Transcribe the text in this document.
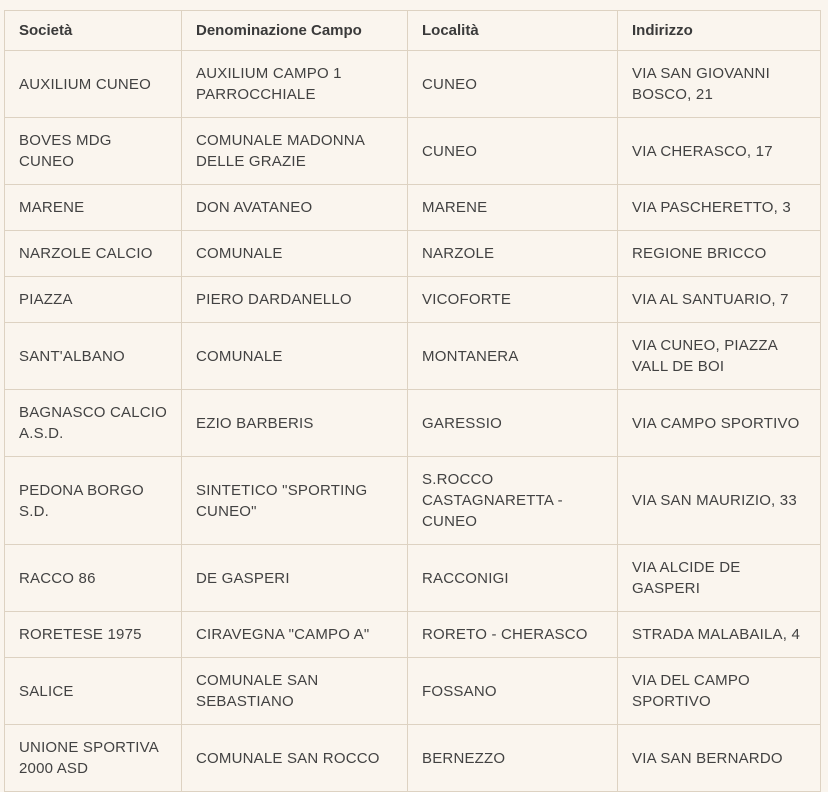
Società	Denominazione Campo	Località	Indirizzo
AUXILIUM CUNEO	AUXILIUM CAMPO 1 PARROCCHIALE	CUNEO	VIA SAN GIOVANNI BOSCO, 21
BOVES MDG CUNEO	COMUNALE MADONNA DELLE GRAZIE	CUNEO	VIA CHERASCO, 17
MARENE	DON AVATANEO	MARENE	VIA PASCHERETTO, 3
NARZOLE CALCIO	COMUNALE	NARZOLE	REGIONE BRICCO
PIAZZA	PIERO DARDANELLO	VICOFORTE	VIA AL SANTUARIO, 7
SANT'ALBANO	COMUNALE	MONTANERA	VIA CUNEO, PIAZZA VALL DE BOI
BAGNASCO CALCIO A.S.D.	EZIO BARBERIS	GARESSIO	VIA CAMPO SPORTIVO
PEDONA BORGO S.D.	SINTETICO "SPORTING CUNEO"	S.ROCCO CASTAGNARETTA - CUNEO	VIA SAN MAURIZIO, 33
RACCO 86	DE GASPERI	RACCONIGI	VIA ALCIDE DE GASPERI
RORETESE 1975	CIRAVEGNA "CAMPO A"	RORETO - CHERASCO	STRADA MALABAILA, 4
SALICE	COMUNALE SAN SEBASTIANO	FOSSANO	VIA DEL CAMPO SPORTIVO
UNIONE SPORTIVA 2000 ASD	COMUNALE SAN ROCCO	BERNEZZO	VIA SAN BERNARDO
